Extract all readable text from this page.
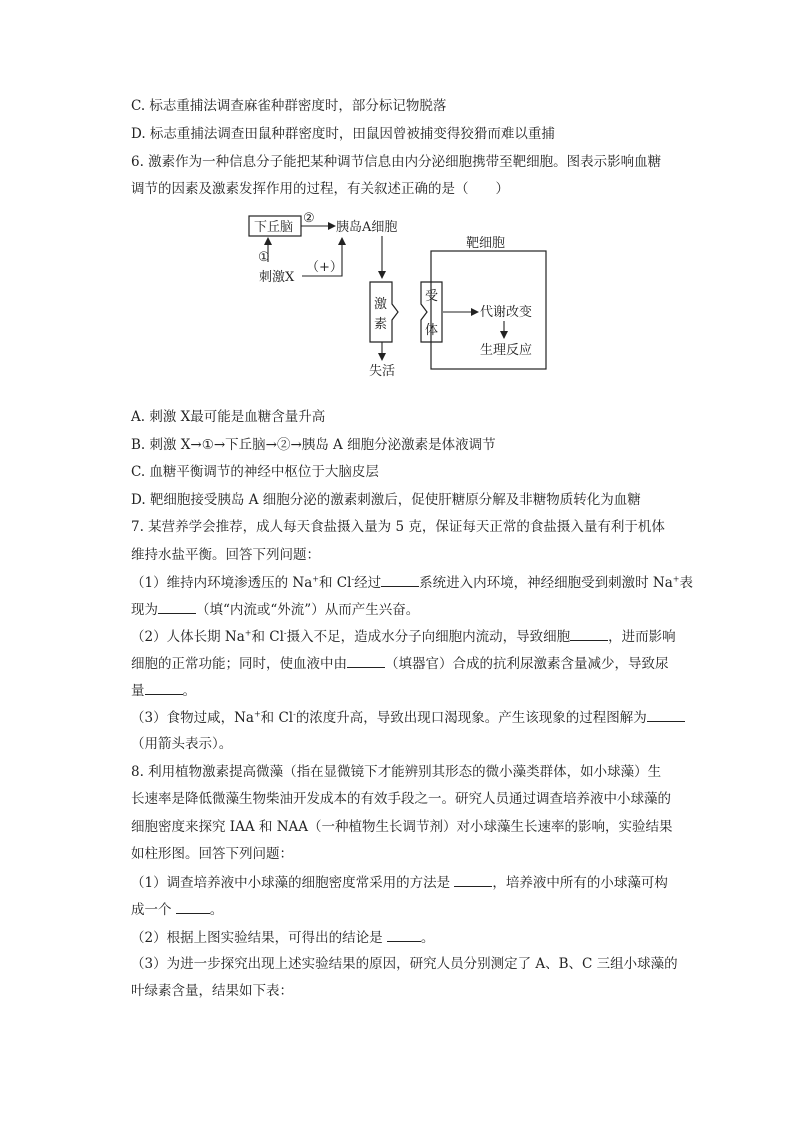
C. 标志重捕法调查麻雀种群密度时，部分标记物脱落
D. 标志重捕法调查田鼠种群密度时，田鼠因曾被捕变得狡猾而难以重捕
6. 激素作为一种信息分子能把某种调节信息由内分泌细胞携带至靶细胞。图表示影响血糖
调节的因素及激素发挥作用的过程，有关叙述正确的是（　　）
下丘脑
②
胰岛A细胞
①
刺激X
（+）
靶细胞
激
素
受
体
代谢改变
生理反应
失活
A. 刺激 X最可能是血糖含量升高
B. 刺激 X→①→下丘脑→②→胰岛 A 细胞分泌激素是体液调节
C. 血糖平衡调节的神经中枢位于大脑皮层
D. 靶细胞接受胰岛 A 细胞分泌的激素刺激后，促使肝糖原分解及非糖物质转化为血糖
7. 某营养学会推荐，成人每天食盐摄入量为 5 克，保证每天正常的食盐摄入量有利于机体
维持水盐平衡。回答下列问题：
（1）维持内环境渗透压的 Na+和 Cl-经过	系统进入内环境，神经细胞受到刺激时 Na+表
现为	（填“内流或“外流”）从而产生兴奋。
（2）人体长期 Na+和 Cl-摄入不足，造成水分子向细胞内流动，导致细胞	，进而影响
细胞的正常功能；同时，使血液中由	（填器官）合成的抗利尿激素含量减少，导致尿
量	。
（3）食物过咸，Na+和 Cl-的浓度升高，导致出现口渴现象。产生该现象的过程图解为
（用箭头表示）。
8. 利用植物激素提高微藻（指在显微镜下才能辨别其形态的微小藻类群体，如小球藻）生
长速率是降低微藻生物柴油开发成本的有效手段之一。研究人员通过调查培养液中小球藻的
细胞密度来探究 IAA 和 NAA（一种植物生长调节剂）对小球藻生长速率的影响，实验结果
如柱形图。回答下列问题：
（1）调查培养液中小球藻的细胞密度常采用的方法是	，培养液中所有的小球藻可构
成一个	。
（2）根据上图实验结果，可得出的结论是	。
（3）为进一步探究出现上述实验结果的原因，研究人员分别测定了 A、B、C 三组小球藻的
叶绿素含量，结果如下表：
